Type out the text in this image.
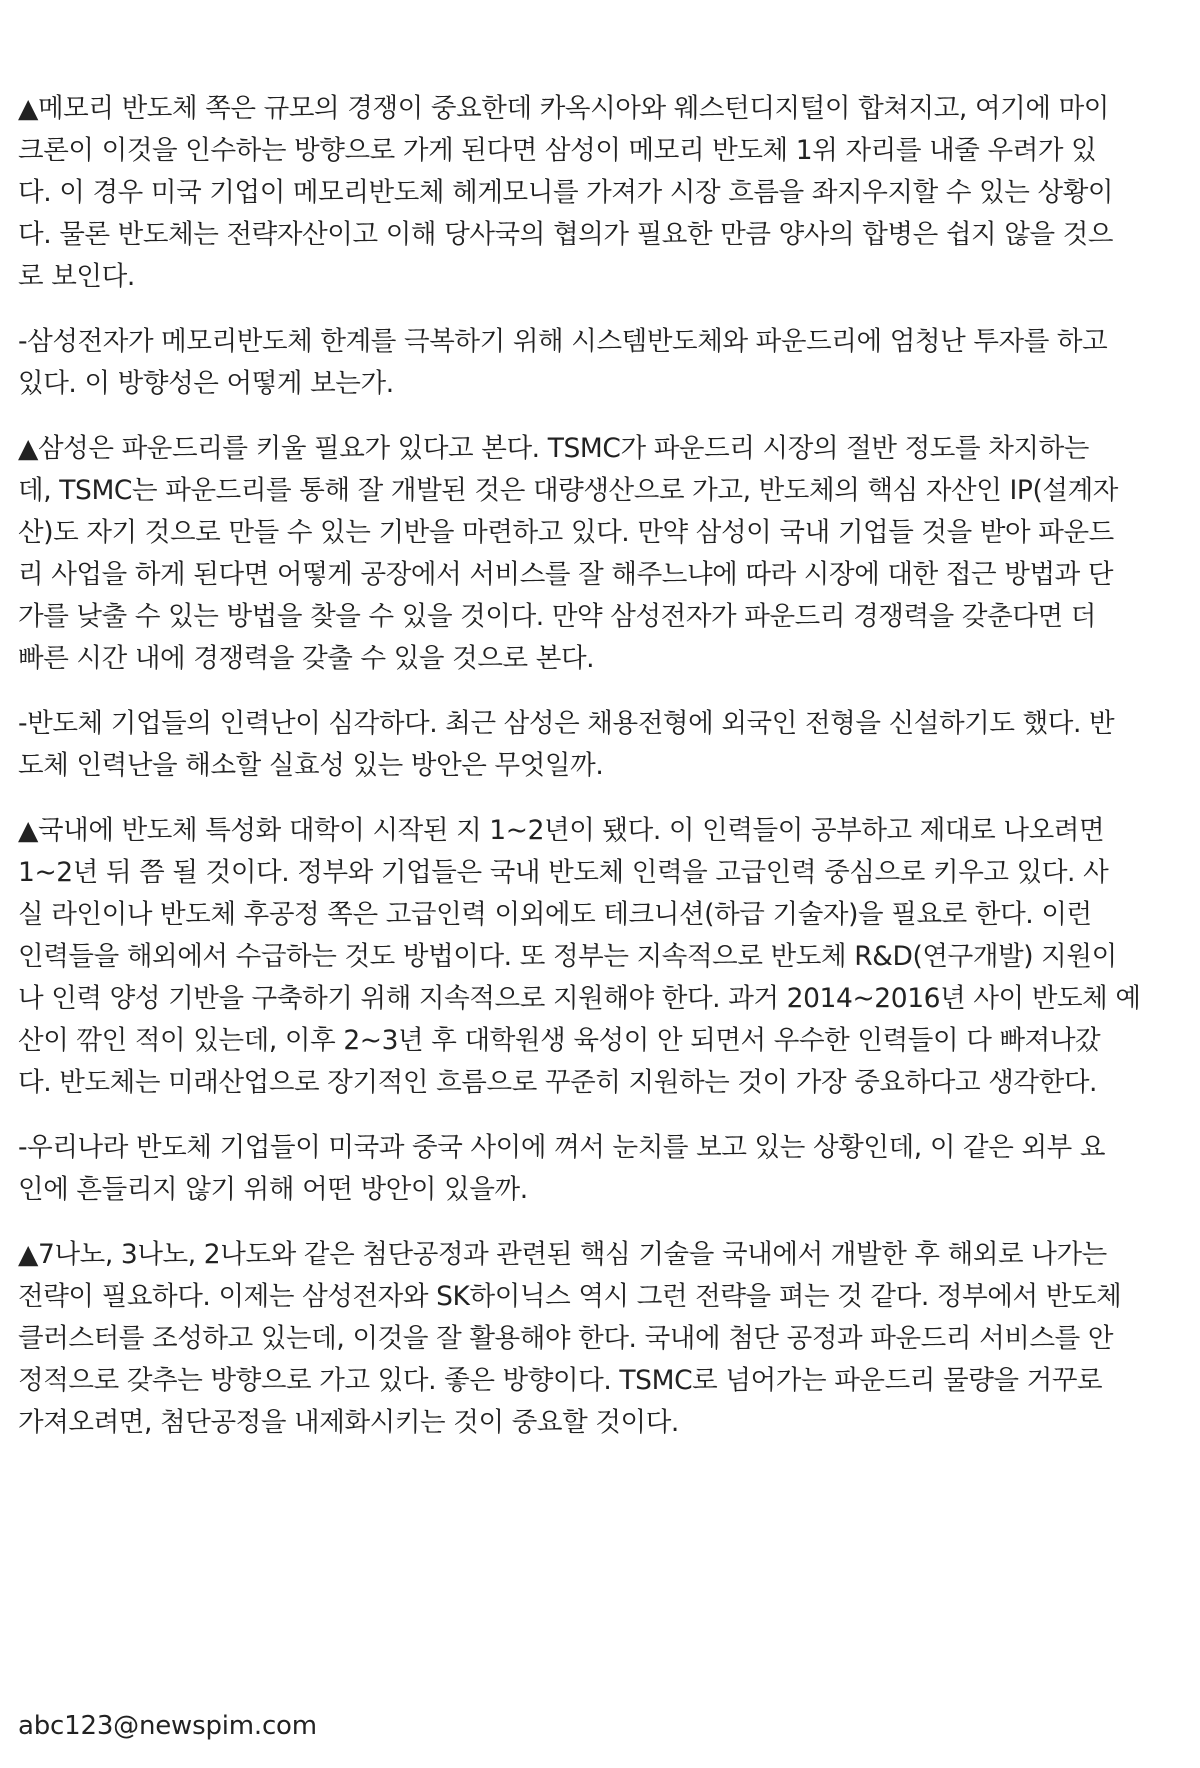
▲메모리 반도체 쪽은 규모의 경쟁이 중요한데 카옥시아와 웨스턴디지털이 합쳐지고, 여기에 마이
크론이 이것을 인수하는 방향으로 가게 된다면 삼성이 메모리 반도체 1위 자리를 내줄 우려가 있
다. 이 경우 미국 기업이 메모리반도체 헤게모니를 가져가 시장 흐름을 좌지우지할 수 있는 상황이
다. 물론 반도체는 전략자산이고 이해 당사국의 협의가 필요한 만큼 양사의 합병은 쉽지 않을 것으
로 보인다.

-삼성전자가 메모리반도체 한계를 극복하기 위해 시스템반도체와 파운드리에 엄청난 투자를 하고
있다. 이 방향성은 어떻게 보는가.

▲삼성은 파운드리를 키울 필요가 있다고 본다. TSMC가 파운드리 시장의 절반 정도를 차지하는
데, TSMC는 파운드리를 통해 잘 개발된 것은 대량생산으로 가고, 반도체의 핵심 자산인 IP(설계자
산)도 자기 것으로 만들 수 있는 기반을 마련하고 있다. 만약 삼성이 국내 기업들 것을 받아 파운드
리 사업을 하게 된다면 어떻게 공장에서 서비스를 잘 해주느냐에 따라 시장에 대한 접근 방법과 단
가를 낮출 수 있는 방법을 찾을 수 있을 것이다. 만약 삼성전자가 파운드리 경쟁력을 갖춘다면 더
빠른 시간 내에 경쟁력을 갖출 수 있을 것으로 본다.

-반도체 기업들의 인력난이 심각하다. 최근 삼성은 채용전형에 외국인 전형을 신설하기도 했다. 반
도체 인력난을 해소할 실효성 있는 방안은 무엇일까.

▲국내에 반도체 특성화 대학이 시작된 지 1~2년이 됐다. 이 인력들이 공부하고 제대로 나오려면
1~2년 뒤 쯤 될 것이다. 정부와 기업들은 국내 반도체 인력을 고급인력 중심으로 키우고 있다. 사
실 라인이나 반도체 후공정 쪽은 고급인력 이외에도 테크니션(하급 기술자)을 필요로 한다. 이런
인력들을 해외에서 수급하는 것도 방법이다. 또 정부는 지속적으로 반도체 R&D(연구개발) 지원이
나 인력 양성 기반을 구축하기 위해 지속적으로 지원해야 한다. 과거 2014~2016년 사이 반도체 예
산이 깎인 적이 있는데, 이후 2~3년 후 대학원생 육성이 안 되면서 우수한 인력들이 다 빠져나갔
다. 반도체는 미래산업으로 장기적인 흐름으로 꾸준히 지원하는 것이 가장 중요하다고 생각한다.

-우리나라 반도체 기업들이 미국과 중국 사이에 껴서 눈치를 보고 있는 상황인데, 이 같은 외부 요
인에 흔들리지 않기 위해 어떤 방안이 있을까.

▲7나노, 3나노, 2나도와 같은 첨단공정과 관련된 핵심 기술을 국내에서 개발한 후 해외로 나가는
전략이 필요하다. 이제는 삼성전자와 SK하이닉스 역시 그런 전략을 펴는 것 같다. 정부에서 반도체
클러스터를 조성하고 있는데, 이것을 잘 활용해야 한다. 국내에 첨단 공정과 파운드리 서비스를 안
정적으로 갖추는 방향으로 가고 있다. 좋은 방향이다. TSMC로 넘어가는 파운드리 물량을 거꾸로
가져오려면, 첨단공정을 내제화시키는 것이 중요할 것이다.

abc123@newspim.com
